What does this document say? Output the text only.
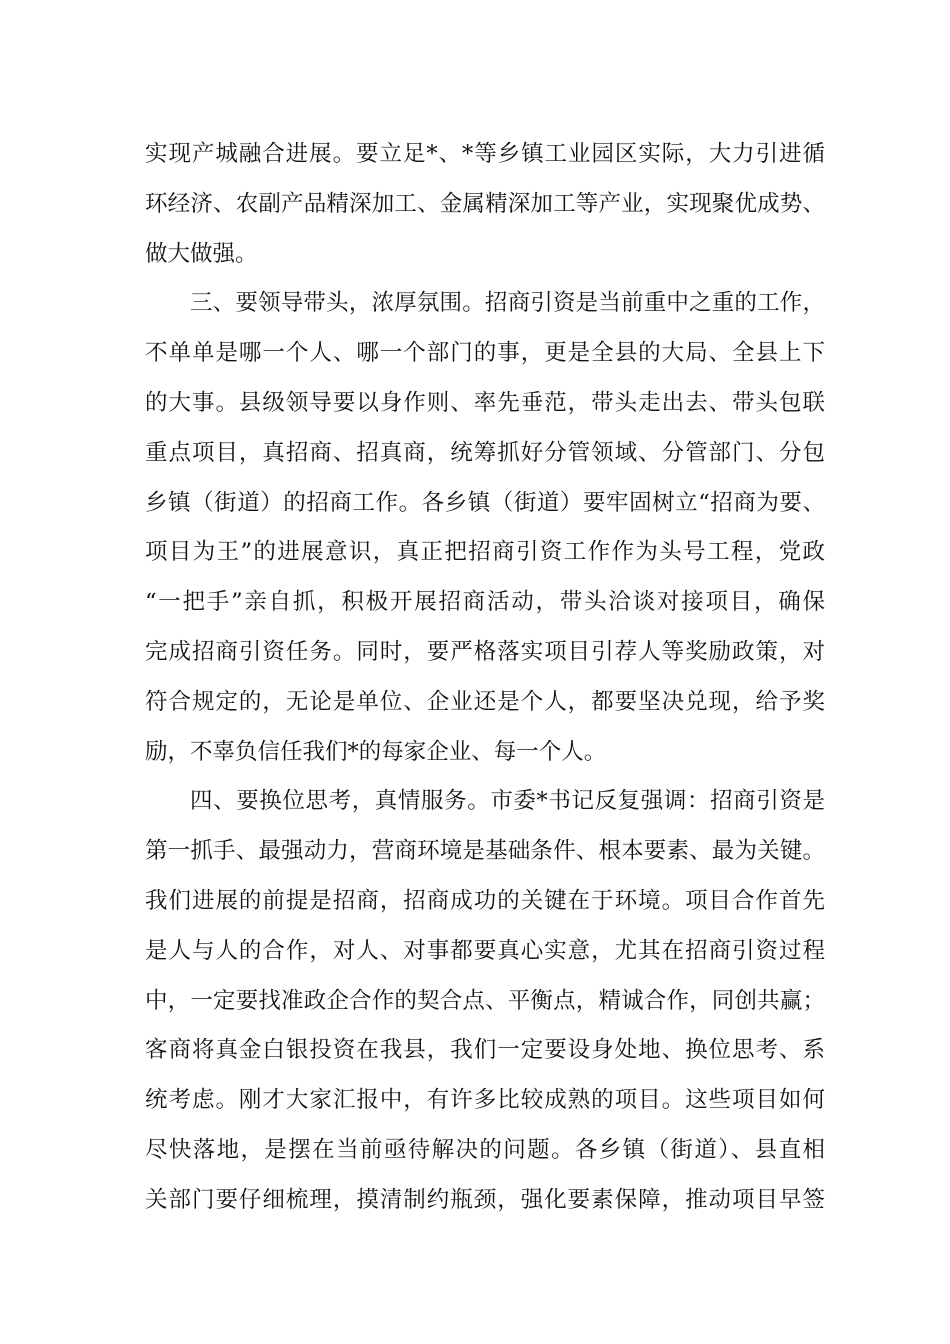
实现产城融合进展。要立足*、*等乡镇工业园区实际，大力引进循
环经济、农副产品精深加工、金属精深加工等产业，实现聚优成势、
做大做强。
三、要领导带头，浓厚氛围。招商引资是当前重中之重的工作，
不单单是哪一个人、哪一个部门的事，更是全县的大局、全县上下
的大事。县级领导要以身作则、率先垂范，带头走出去、带头包联
重点项目，真招商、招真商，统筹抓好分管领域、分管部门、分包
乡镇（街道）的招商工作。各乡镇（街道）要牢固树立“招商为要、
项目为王”的进展意识，真正把招商引资工作作为头号工程，党政
“一把手”亲自抓，积极开展招商活动，带头洽谈对接项目，确保
完成招商引资任务。同时，要严格落实项目引荐人等奖励政策，对
符合规定的，无论是单位、企业还是个人，都要坚决兑现，给予奖
励，不辜负信任我们*的每家企业、每一个人。
四、要换位思考，真情服务。市委*书记反复强调：招商引资是
第一抓手、最强动力，营商环境是基础条件、根本要素、最为关键。
我们进展的前提是招商，招商成功的关键在于环境。项目合作首先
是人与人的合作，对人、对事都要真心实意，尤其在招商引资过程
中，一定要找准政企合作的契合点、平衡点，精诚合作，同创共赢；
客商将真金白银投资在我县，我们一定要设身处地、换位思考、系
统考虑。刚才大家汇报中，有许多比较成熟的项目。这些项目如何
尽快落地，是摆在当前亟待解决的问题。各乡镇（街道）、县直相
关部门要仔细梳理，摸清制约瓶颈，强化要素保障，推动项目早签
